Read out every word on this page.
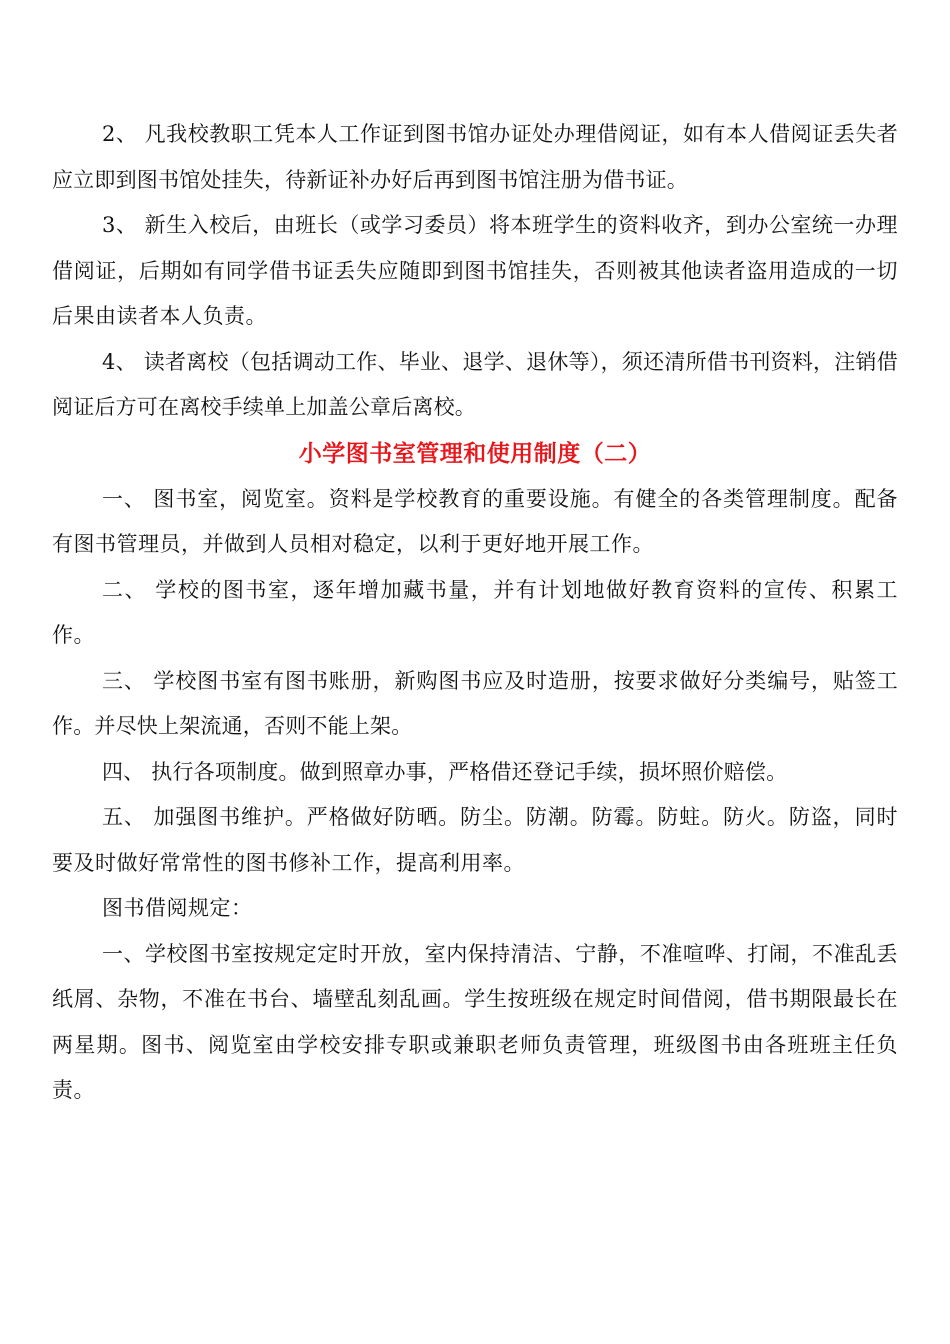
2、 凡我校教职工凭本人工作证到图书馆办证处办理借阅证，如有本人借阅证丢失者应立即到图书馆处挂失，待新证补办好后再到图书馆注册为借书证。

3、 新生入校后，由班长（或学习委员）将本班学生的资料收齐，到办公室统一办理借阅证，后期如有同学借书证丢失应随即到图书馆挂失，否则被其他读者盗用造成的一切后果由读者本人负责。

4、 读者离校（包括调动工作、毕业、退学、退休等），须还清所借书刊资料，注销借阅证后方可在离校手续单上加盖公章后离校。

小学图书室管理和使用制度（二）

一、 图书室，阅览室。资料是学校教育的重要设施。有健全的各类管理制度。配备有图书管理员，并做到人员相对稳定，以利于更好地开展工作。

二、 学校的图书室，逐年增加藏书量，并有计划地做好教育资料的宣传、积累工作。

三、 学校图书室有图书账册，新购图书应及时造册，按要求做好分类编号，贴签工作。并尽快上架流通，否则不能上架。

四、 执行各项制度。做到照章办事，严格借还登记手续，损坏照价赔偿。

五、 加强图书维护。严格做好防晒。防尘。防潮。防霉。防蛀。防火。防盗，同时要及时做好常常性的图书修补工作，提高利用率。

图书借阅规定：

一、学校图书室按规定定时开放，室内保持清洁、宁静，不准喧哗、打闹，不准乱丢纸屑、杂物，不准在书台、墙壁乱刻乱画。学生按班级在规定时间借阅，借书期限最长在两星期。图书、阅览室由学校安排专职或兼职老师负责管理，班级图书由各班班主任负责。
